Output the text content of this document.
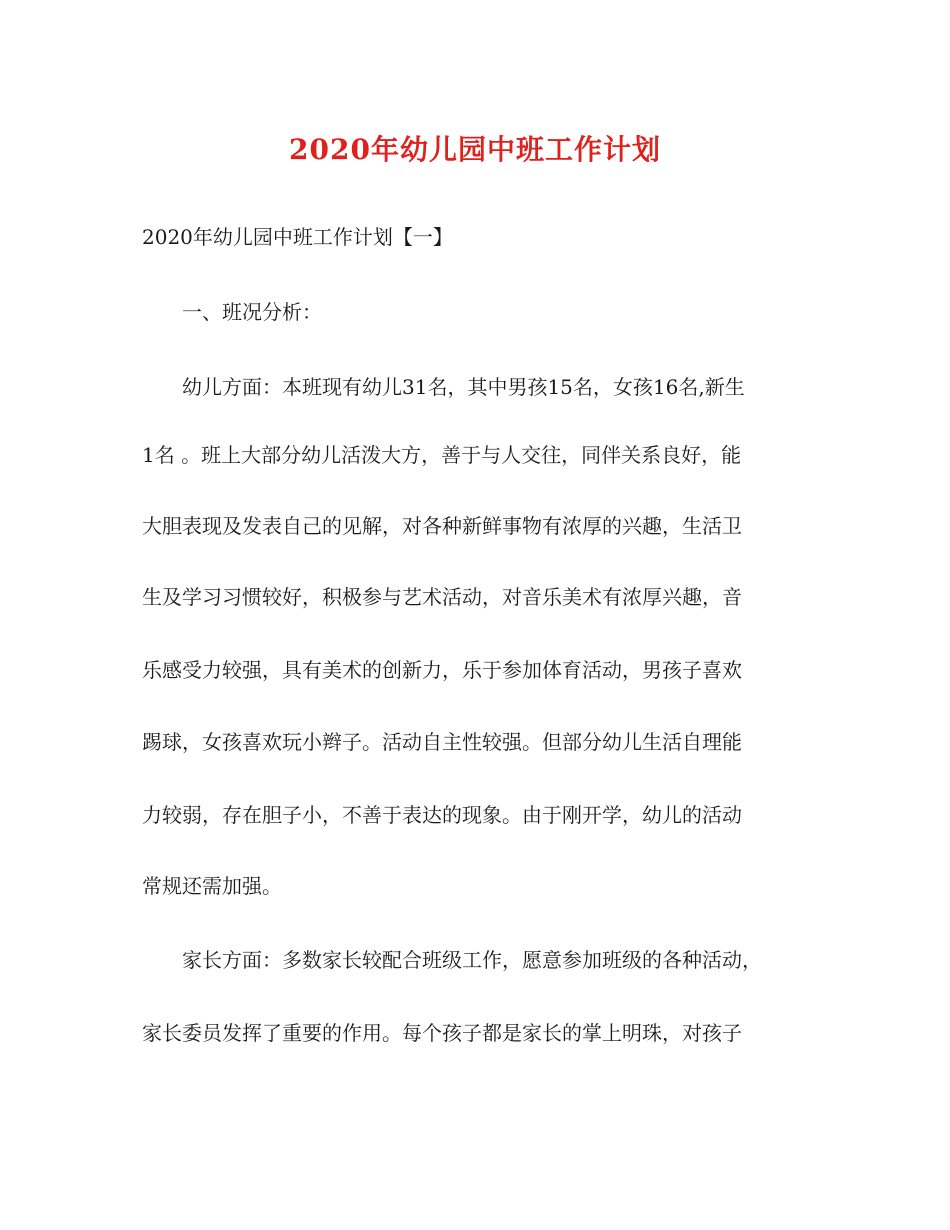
2020年幼儿园中班工作计划

2020年幼儿园中班工作计划【一】

一、班况分析：

幼儿方面：本班现有幼儿31名，其中男孩15名，女孩16名,新生

1名 。班上大部分幼儿活泼大方，善于与人交往，同伴关系良好，能

大胆表现及发表自己的见解，对各种新鲜事物有浓厚的兴趣，生活卫

生及学习习惯较好，积极参与艺术活动，对音乐美术有浓厚兴趣，音

乐感受力较强，具有美术的创新力，乐于参加体育活动，男孩子喜欢

踢球，女孩喜欢玩小辫子。活动自主性较强。但部分幼儿生活自理能

力较弱，存在胆子小，不善于表达的现象。由于刚开学，幼儿的活动

常规还需加强。

家长方面：多数家长较配合班级工作，愿意参加班级的各种活动，

家长委员发挥了重要的作用。每个孩子都是家长的掌上明珠，对孩子
